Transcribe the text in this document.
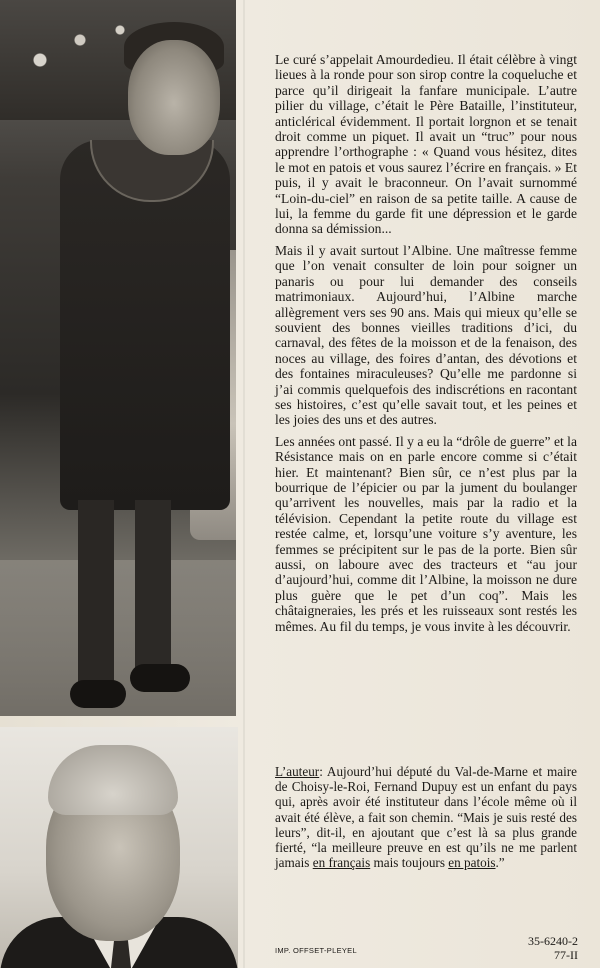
Le curé s’appelait Amourdedieu. Il était célèbre à vingt lieues à la ronde pour son sirop contre la coqueluche et parce qu’il dirigeait la fanfare municipale. L’autre pilier du village, c’était le Père Bataille, l’instituteur, anticlérical évidemment. Il portait lorgnon et se tenait droit comme un piquet. Il avait un “truc” pour nous apprendre l’orthographe : « Quand vous hésitez, dites le mot en patois et vous saurez l’écrire en français. » Et puis, il y avait le braconneur. On l’avait surnommé “Loin-du-ciel” en raison de sa petite taille. A cause de lui, la femme du garde fit une dépression et le garde donna sa démission...

Mais il y avait surtout l’Albine. Une maîtresse femme que l’on venait consulter de loin pour soigner un panaris ou pour lui demander des conseils matrimoniaux. Aujourd’hui, l’Albine marche allègrement vers ses 90 ans. Mais qui mieux qu’elle se souvient des bonnes vieilles traditions d’ici, du carnaval, des fêtes de la moisson et de la fenaison, des noces au village, des foires d’antan, des dévotions et des fontaines miraculeuses? Qu’elle me pardonne si j’ai commis quelquefois des indiscrétions en racontant ses histoires, c’est qu’elle savait tout, et les peines et les joies des uns et des autres.

Les années ont passé. Il y a eu la “drôle de guerre” et la Résistance mais on en parle encore comme si c’était hier. Et maintenant? Bien sûr, ce n’est plus par la bourrique de l’épicier ou par la jument du boulanger qu’arrivent les nouvelles, mais par la radio et la télévision. Cependant la petite route du village est restée calme, et, lorsqu’une voiture s’y aventure, les femmes se précipitent sur le pas de la porte. Bien sûr aussi, on laboure avec des tracteurs et “au jour d’aujourd’hui, comme dit l’Albine, la moisson ne dure plus guère que le pet d’un coq”. Mais les châtaigneraies, les prés et les ruisseaux sont restés les mêmes. Au fil du temps, je vous invite à les découvrir.

L’auteur: Aujourd’hui député du Val-de-Marne et maire de Choisy-le-Roi, Fernand Dupuy est un enfant du pays qui, après avoir été instituteur dans l’école même où il avait été élève, a fait son chemin. “Mais je suis resté des leurs”, dit-il, en ajoutant que c’est là sa plus grande fierté, “la meilleure preuve en est qu’ils ne me parlent jamais en français mais toujours en patois.”
IMP. OFFSET-PLEYEL
35-6240-2
77-II
